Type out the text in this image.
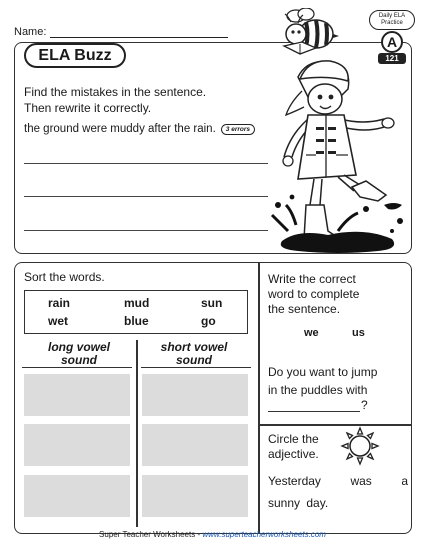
Name:
ELA Buzz
Daily ELA
Practice
A
121
Find the mistakes in the sentence.
Then rewrite it correctly.
the ground were muddy after the rain.	3 errors
Sort the words.
rain	mud	sun
wet	blue	go
long vowel
sound
short vowel
sound
Write the correct
word to complete
the sentence.
we	us
Do you want to jump
in the puddles with
?
Circle the
adjective.
Yesterday was a
sunny day.
Super Teacher Worksheets - www.superteacherworksheets.com
